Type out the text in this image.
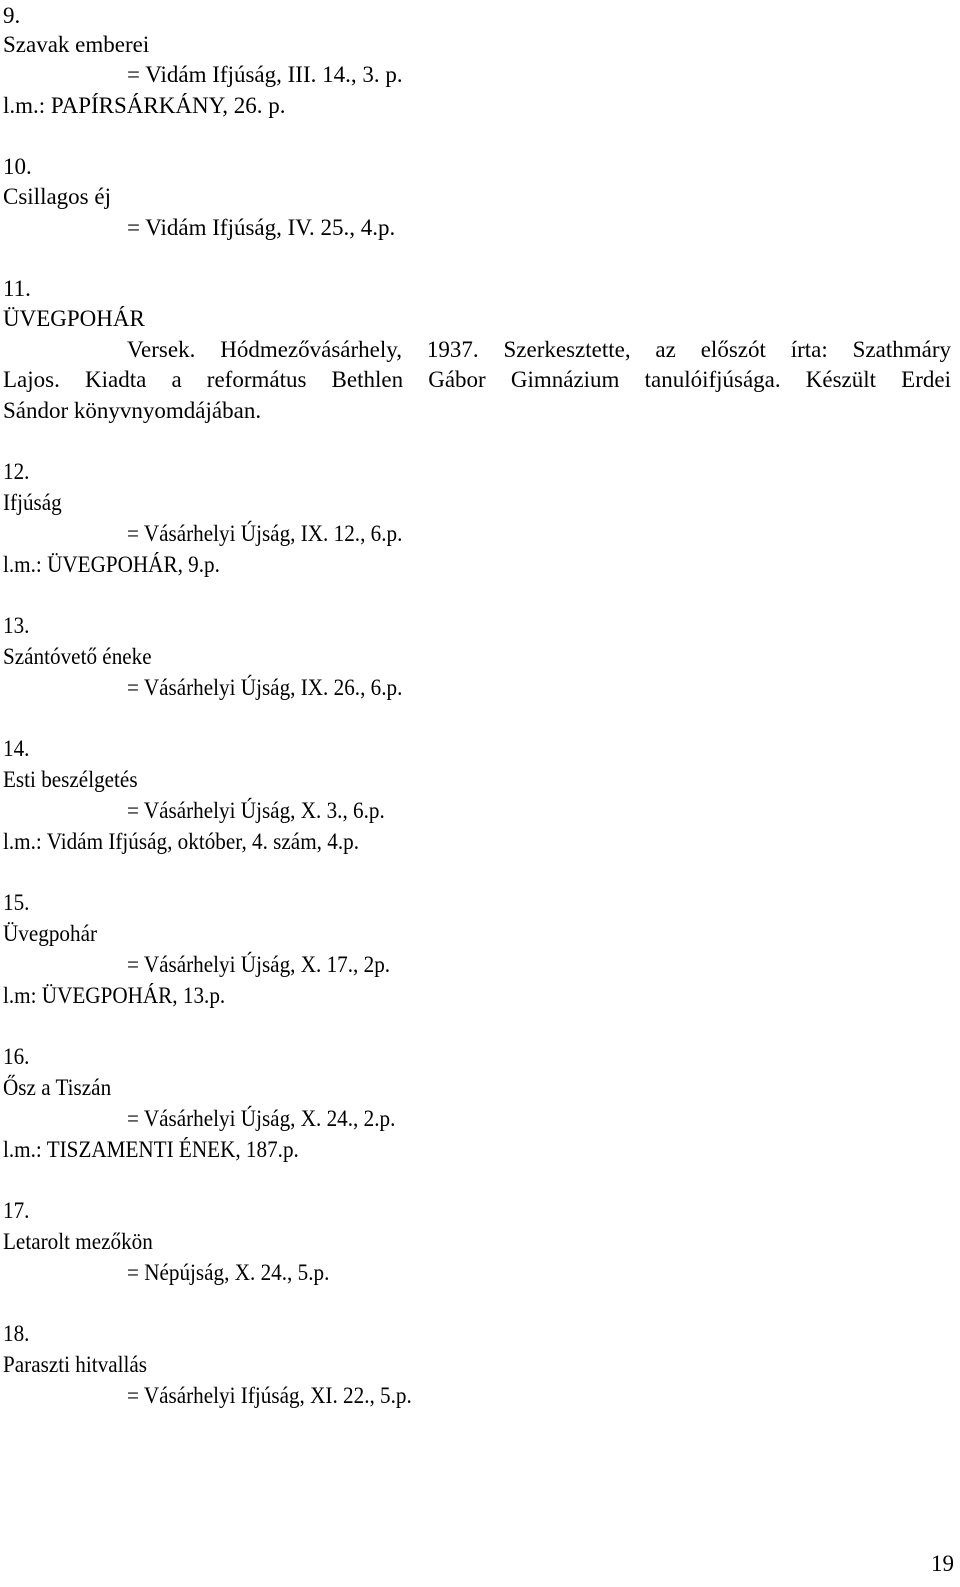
9.
Szavak emberei
= Vidám Ifjúság, III. 14., 3. p.
l.m.: PAPÍRSÁRKÁNY, 26. p.
10.
Csillagos éj
= Vidám Ifjúság, IV. 25., 4.p.
11.
ÜVEGPOHÁR
Versek. Hódmezővásárhely, 1937. Szerkesztette, az előszót írta: Szathmáry
Lajos. Kiadta a református Bethlen Gábor Gimnázium tanulóifjúsága. Készült Erdei
Sándor könyvnyomdájában.
12.
Ifjúság
= Vásárhelyi Újság, IX. 12., 6.p.
l.m.: ÜVEGPOHÁR, 9.p.
13.
Szántóvető éneke
= Vásárhelyi Újság, IX. 26., 6.p.
14.
Esti beszélgetés
= Vásárhelyi Újság, X. 3., 6.p.
l.m.: Vidám Ifjúság, október, 4. szám, 4.p.
15.
Üvegpohár
= Vásárhelyi Újság, X. 17., 2p.
l.m: ÜVEGPOHÁR, 13.p.
16.
Ősz a Tiszán
= Vásárhelyi Újság, X. 24., 2.p.
l.m.: TISZAMENTI ÉNEK, 187.p.
17.
Letarolt mezőkön
= Népújság, X. 24., 5.p.
18.
Paraszti hitvallás
= Vásárhelyi Ifjúság, XI. 22., 5.p.
19
